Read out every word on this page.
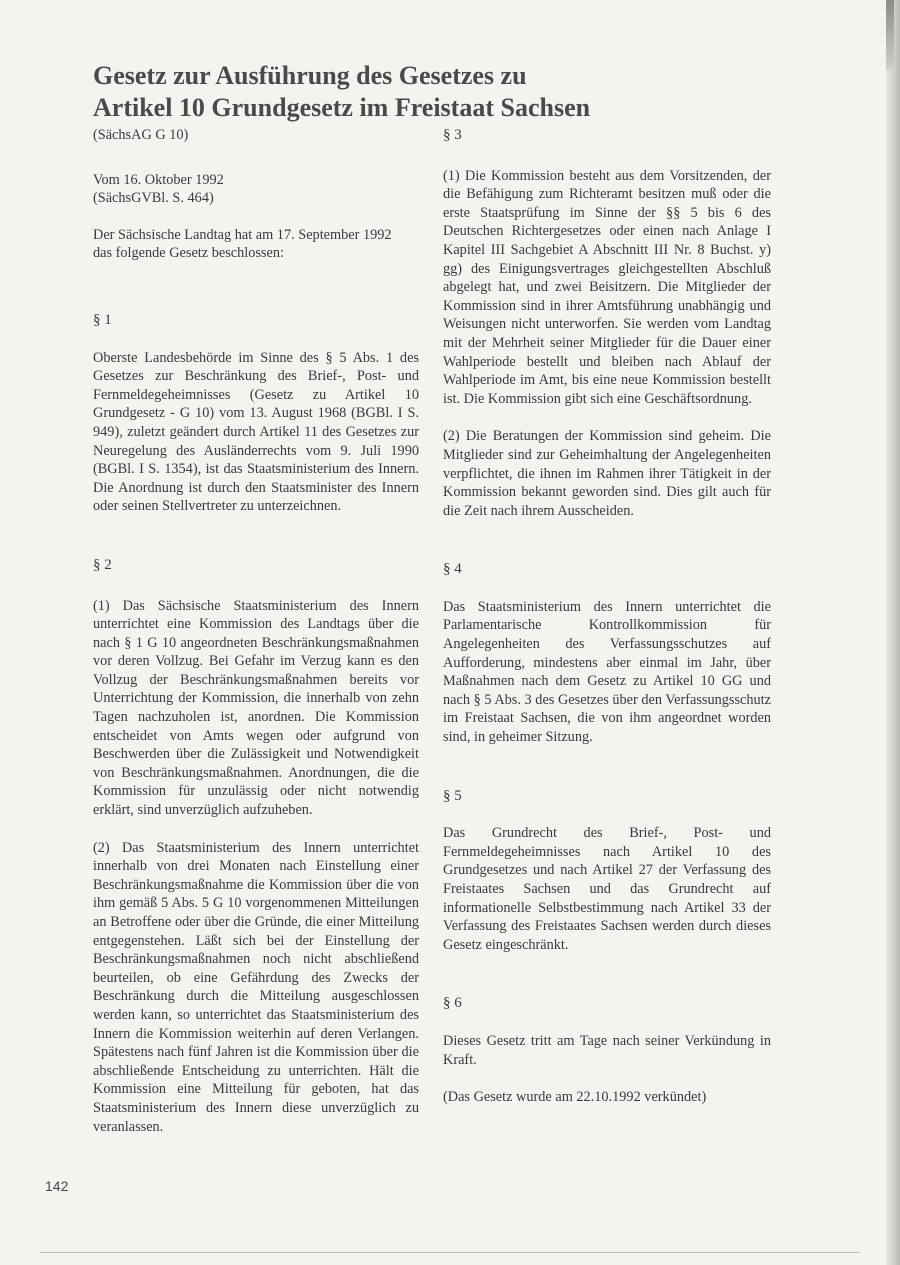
Gesetz zur Ausführung des Gesetzes zu
Artikel 10 Grundgesetz im Freistaat Sachsen

(SächsAG G 10)

Vom 16. Oktober 1992
(SächsGVBl. S. 464)

Der Sächsische Landtag hat am 17. September 1992 das folgende Gesetz beschlossen:

§ 1

Oberste Landesbehörde im Sinne des § 5 Abs. 1 des Gesetzes zur Beschränkung des Brief-, Post- und Fernmeldegeheimnisses (Gesetz zu Artikel 10 Grundgesetz - G 10) vom 13. August 1968 (BGBl. I S. 949), zuletzt geändert durch Artikel 11 des Gesetzes zur Neuregelung des Ausländerrechts vom 9. Juli 1990 (BGBl. I S. 1354), ist das Staatsministerium des Innern. Die Anordnung ist durch den Staatsminister des Innern oder seinen Stellvertreter zu unterzeichnen.

§ 2

(1) Das Sächsische Staatsministerium des Innern unterrichtet eine Kommission des Landtags über die nach § 1 G 10 angeordneten Beschränkungsmaßnahmen vor deren Vollzug. Bei Gefahr im Verzug kann es den Vollzug der Beschränkungsmaßnahmen bereits vor Unterrichtung der Kommission, die innerhalb von zehn Tagen nachzuholen ist, anordnen. Die Kommission entscheidet von Amts wegen oder aufgrund von Beschwerden über die Zulässigkeit und Notwendigkeit von Beschränkungsmaßnahmen. Anordnungen, die die Kommission für unzulässig oder nicht notwendig erklärt, sind unverzüglich aufzuheben.

(2) Das Staatsministerium des Innern unterrichtet innerhalb von drei Monaten nach Einstellung einer Beschränkungsmaßnahme die Kommission über die von ihm gemäß 5 Abs. 5 G 10 vorgenommenen Mitteilungen an Betroffene oder über die Gründe, die einer Mitteilung entgegenstehen. Läßt sich bei der Einstellung der Beschränkungsmaßnahmen noch nicht abschließend beurteilen, ob eine Gefährdung des Zwecks der Beschränkung durch die Mitteilung ausgeschlossen werden kann, so unterrichtet das Staatsministerium des Innern die Kommission weiterhin auf deren Verlangen. Spätestens nach fünf Jahren ist die Kommission über die abschließende Entscheidung zu unterrichten. Hält die Kommission eine Mitteilung für geboten, hat das Staatsministerium des Innern diese unverzüglich zu veranlassen.

§ 3

(1) Die Kommission besteht aus dem Vorsitzenden, der die Befähigung zum Richteramt besitzen muß oder die erste Staatsprüfung im Sinne der §§ 5 bis 6 des Deutschen Richtergesetzes oder einen nach Anlage I Kapitel III Sachgebiet A Abschnitt III Nr. 8 Buchst. y) gg) des Einigungsvertrages gleichgestellten Abschluß abgelegt hat, und zwei Beisitzern. Die Mitglieder der Kommission sind in ihrer Amtsführung unabhängig und Weisungen nicht unterworfen. Sie werden vom Landtag mit der Mehrheit seiner Mitglieder für die Dauer einer Wahlperiode bestellt und bleiben nach Ablauf der Wahlperiode im Amt, bis eine neue Kommission bestellt ist. Die Kommission gibt sich eine Geschäftsordnung.

(2) Die Beratungen der Kommission sind geheim. Die Mitglieder sind zur Geheimhaltung der Angelegenheiten verpflichtet, die ihnen im Rahmen ihrer Tätigkeit in der Kommission bekannt geworden sind. Dies gilt auch für die Zeit nach ihrem Ausscheiden.

§ 4

Das Staatsministerium des Innern unterrichtet die Parlamentarische Kontrollkommission für Angelegenheiten des Verfassungsschutzes auf Aufforderung, mindestens aber einmal im Jahr, über Maßnahmen nach dem Gesetz zu Artikel 10 GG und nach § 5 Abs. 3 des Gesetzes über den Verfassungsschutz im Freistaat Sachsen, die von ihm angeordnet worden sind, in geheimer Sitzung.

§ 5

Das Grundrecht des Brief-, Post- und Fernmeldegeheimnisses nach Artikel 10 des Grundgesetzes und nach Artikel 27 der Verfassung des Freistaates Sachsen und das Grundrecht auf informationelle Selbstbestimmung nach Artikel 33 der Verfassung des Freistaates Sachsen werden durch dieses Gesetz eingeschränkt.

§ 6

Dieses Gesetz tritt am Tage nach seiner Verkündung in Kraft.

(Das Gesetz wurde am 22.10.1992 verkündet)

142
